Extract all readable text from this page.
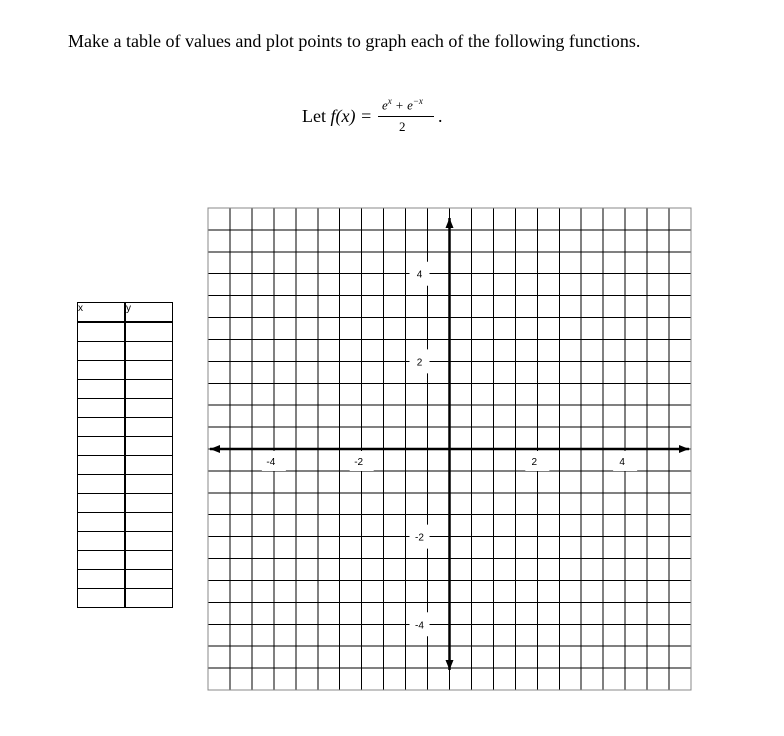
Make a table of values and plot points to graph each of the following functions.
Let f(x) =
$e^x + e^{-x}$
2
.
x	y

-4	-2	2	4
4
2
-2
-4
